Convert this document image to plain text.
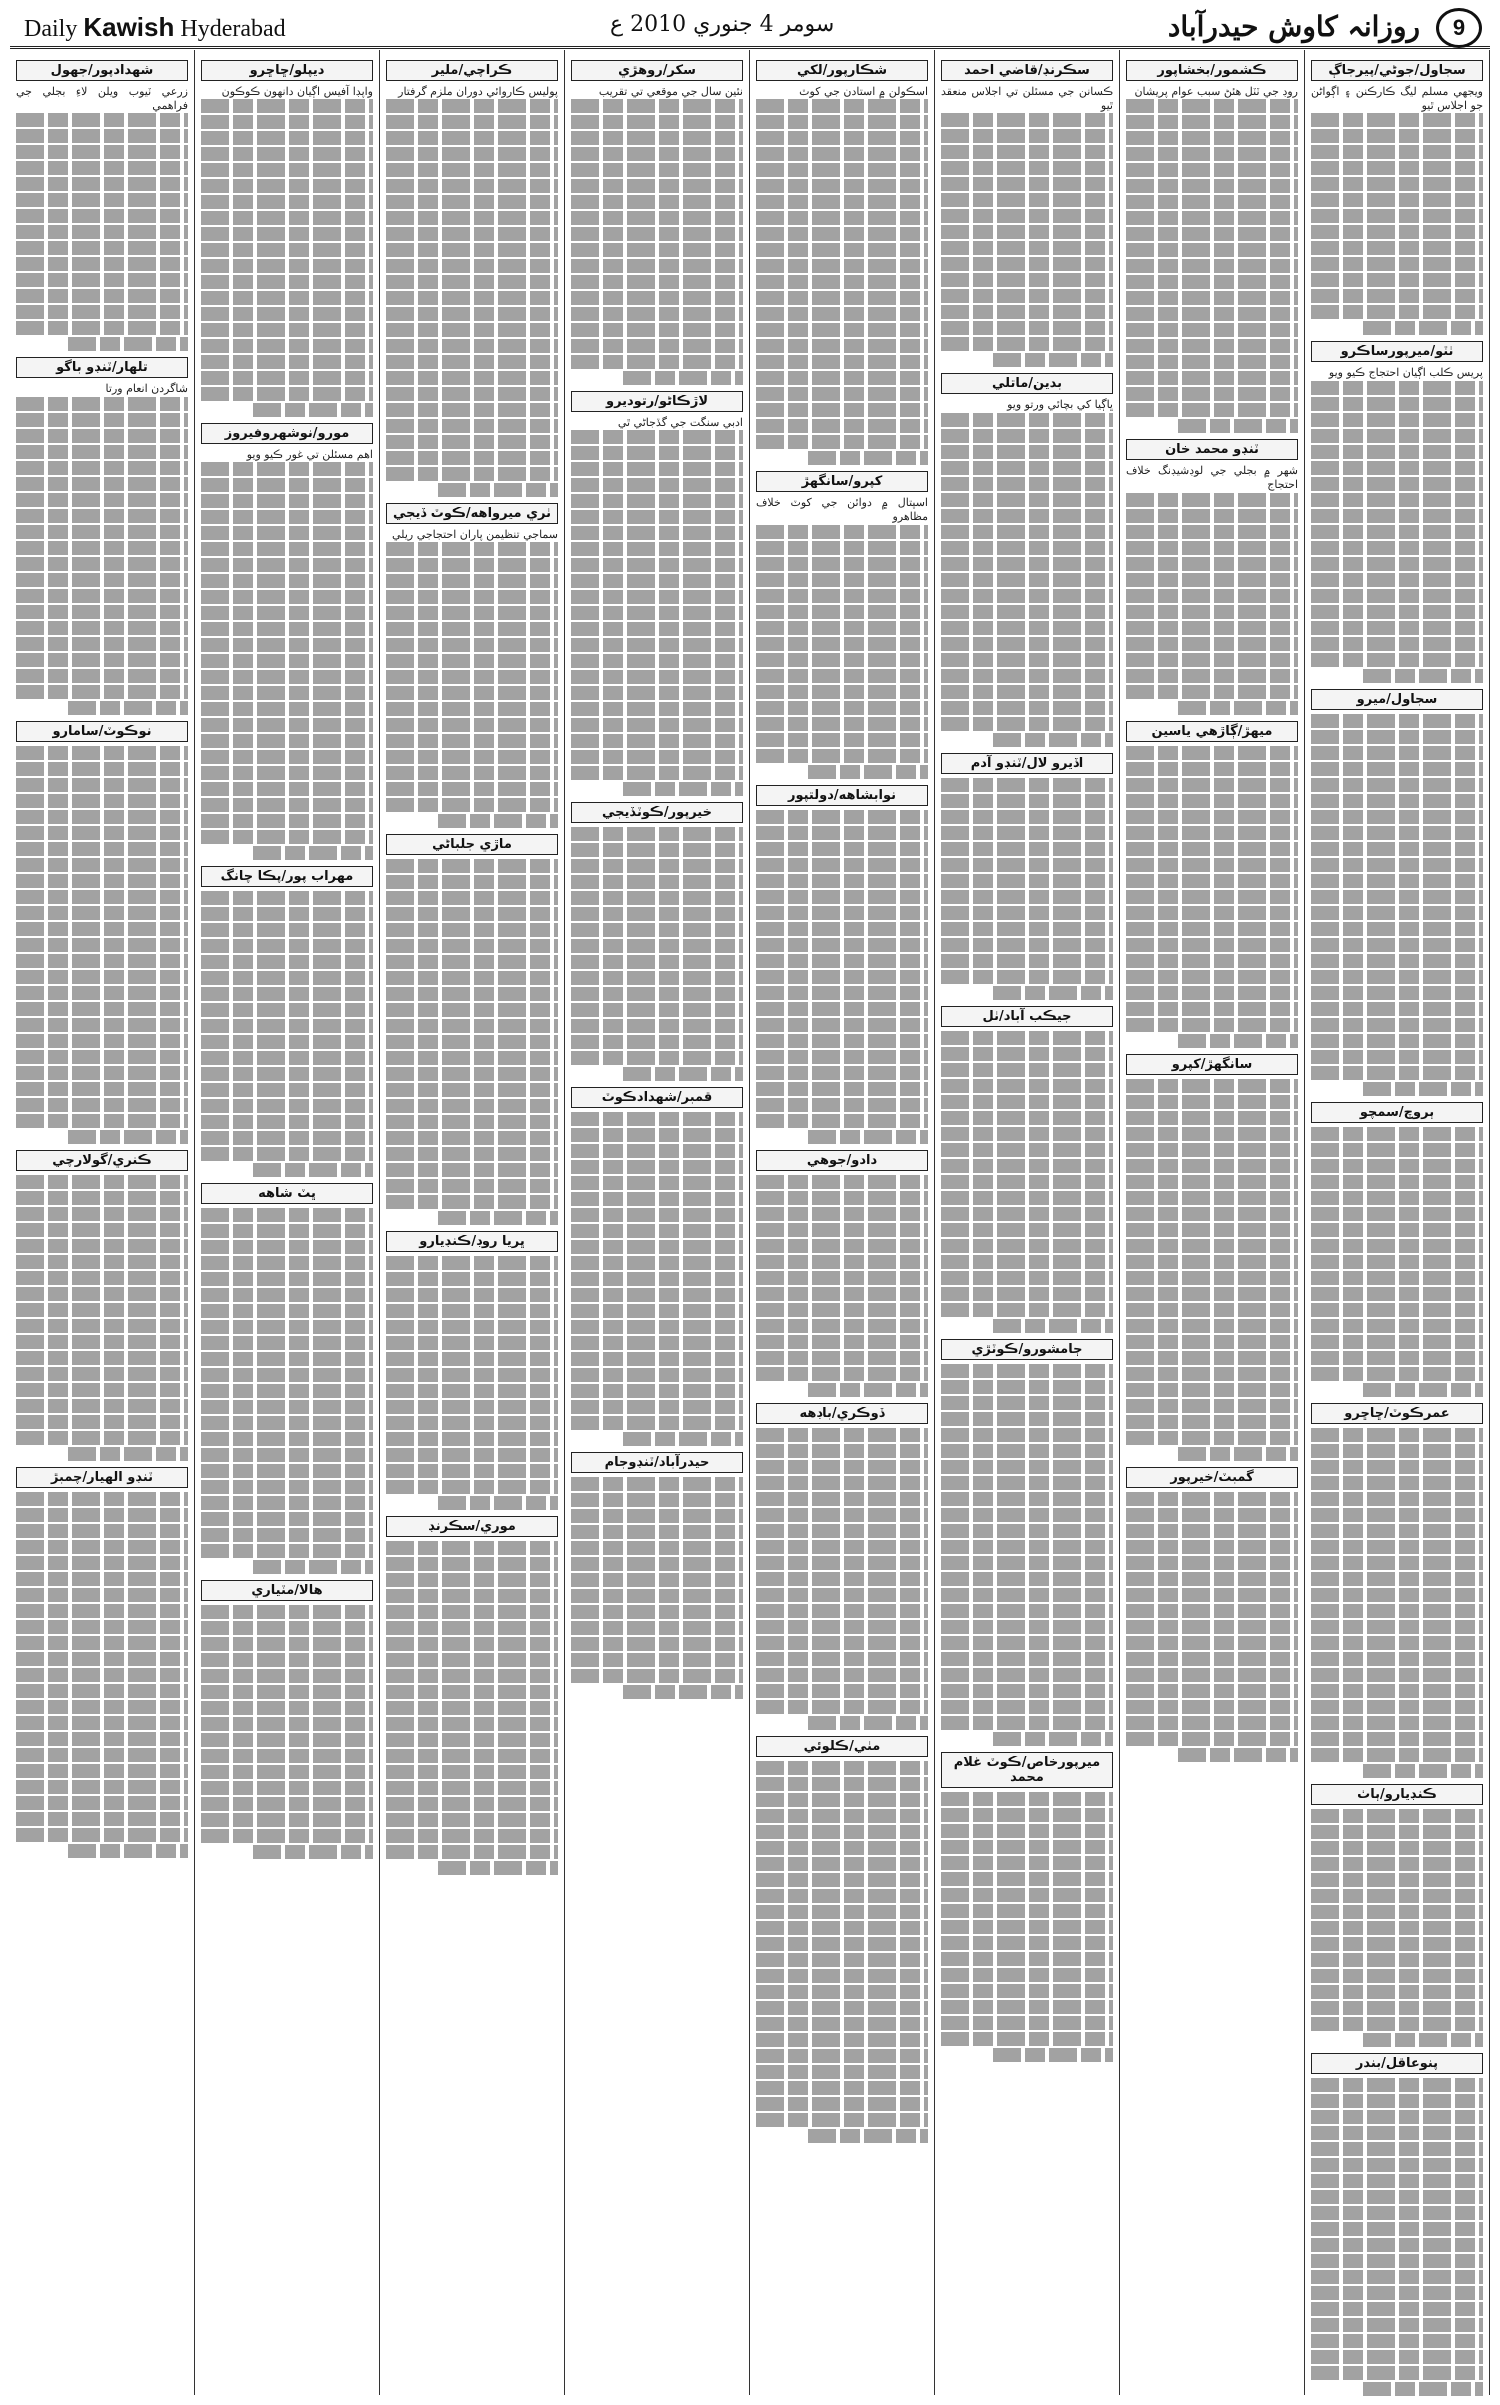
Daily Kawish Hyderabad	سومر 4 جنوري 2010 ع	روزانہ کاوش حيدرآباد	9
سجاول/جوڻي/پيرجاڳ
ويجهي مسلم ليگ ڪارڪنن ۽ اڳواڻن جو اجلاس ٿيو
ٺٽو/ميرپورساڪرو
پريس ڪلب اڳيان احتجاج ڪيو ويو
سجاول/ميرو
ٻروچ/سمچو
عمرڪوٽ/ڇاڇرو
ڪنڊيارو/ٻاٺ
پنوعاقل/بندر
ڪشمور/بخشاپور
روڊ جي ٽٽل هئڻ سبب عوام پريشان
ٽنڊو محمد خان
شهر ۾ بجلي جي لوڊشيڊنگ خلاف احتجاج
ميهڙ/ڳاڙهي ياسين
سانگهڙ/کپرو
گمبٽ/خيرپور
سڪرنڊ/قاضي احمد
ڪسانن جي مسئلن تي اجلاس منعقد ٿيو
بدين/ماتلي
ڀاڳيا کي بچائي ورتو ويو
اڏيرو لال/ٽنڊو آدم
جيڪب آباد/ٺل
ڄامشورو/ڪوٽڙي
ميرپورخاص/ڪوٽ غلام محمد
شڪارپور/لکي
اسڪولن ۾ استادن جي کوٽ
کپرو/سانگهڙ
اسپتال ۾ دوائن جي کوٽ خلاف مظاهرو
نوابشاهه/دولتپور
دادو/جوهي
ڏوڪري/باڊهه
مٺي/ڪلوئي
سکر/روهڙي
نئين سال جي موقعي تي تقريب
لاڙڪاڻو/رتوديرو
ادبي سنگت جي گڏجاڻي ٿي
خيرپور/ڪوٽڏيجي
قمبر/شهدادڪوٽ
حيدرآباد/ٽنڊوجام
ڪراچي/ملير
پوليس ڪاروائي دوران ملزم گرفتار
ٺري ميرواهه/ڪوٽ ڏيجي
سماجي تنظيمن پاران احتجاجي ريلي
ماڙي جلباڻي
ڀريا روڊ/ڪنڊيارو
موري/سڪرنڊ
ديپلو/ڇاڇرو
واپڊا آفيس اڳيان دانهون ڪوڪون
مورو/نوشهروفيروز
اهم مسئلن تي غور ڪيو ويو
مهراب پور/پڪا چانگ
ڀٽ شاهه
هالا/مٽياري
شهدادپور/جهول
زرعي ٽيوب ويلن لاءِ بجلي جي فراهمي
تلهار/ٽنڊو باگو
شاگردن انعام ورتا
نوڪوٽ/سامارو
ڪنري/گولارچي
ٽنڊو الهيار/چمبڙ
